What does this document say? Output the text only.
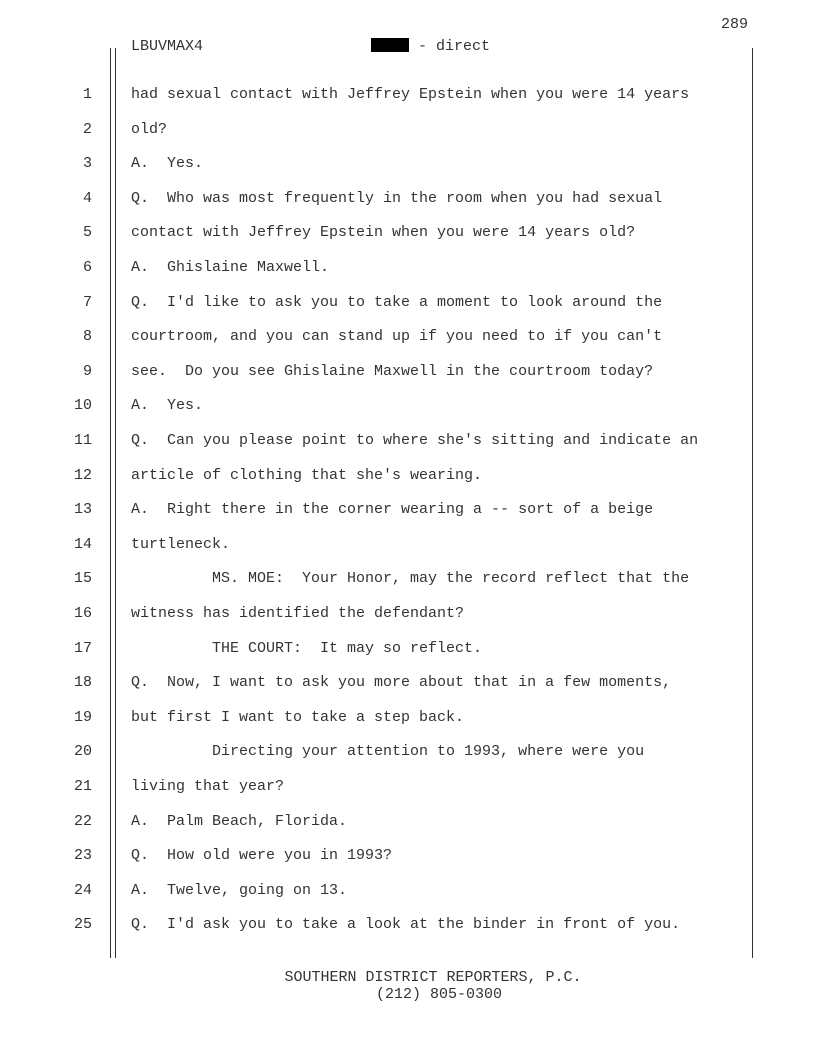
289
LBUVMAX4	- direct
1	had sexual contact with Jeffrey Epstein when you were 14 years
2	old?
3	A.  Yes.
4	Q.  Who was most frequently in the room when you had sexual
5	contact with Jeffrey Epstein when you were 14 years old?
6	A.  Ghislaine Maxwell.
7	Q.  I'd like to ask you to take a moment to look around the
8	courtroom, and you can stand up if you need to if you can't
9	see.  Do you see Ghislaine Maxwell in the courtroom today?
10	A.  Yes.
11	Q.  Can you please point to where she's sitting and indicate an
12	article of clothing that she's wearing.
13	A.  Right there in the corner wearing a -- sort of a beige
14	turtleneck.
15	MS. MOE:  Your Honor, may the record reflect that the
16	witness has identified the defendant?
17	THE COURT:  It may so reflect.
18	Q.  Now, I want to ask you more about that in a few moments,
19	but first I want to take a step back.
20	Directing your attention to 1993, where were you
21	living that year?
22	A.  Palm Beach, Florida.
23	Q.  How old were you in 1993?
24	A.  Twelve, going on 13.
25	Q.  I'd ask you to take a look at the binder in front of you.
SOUTHERN DISTRICT REPORTERS, P.C.
(212) 805-0300
